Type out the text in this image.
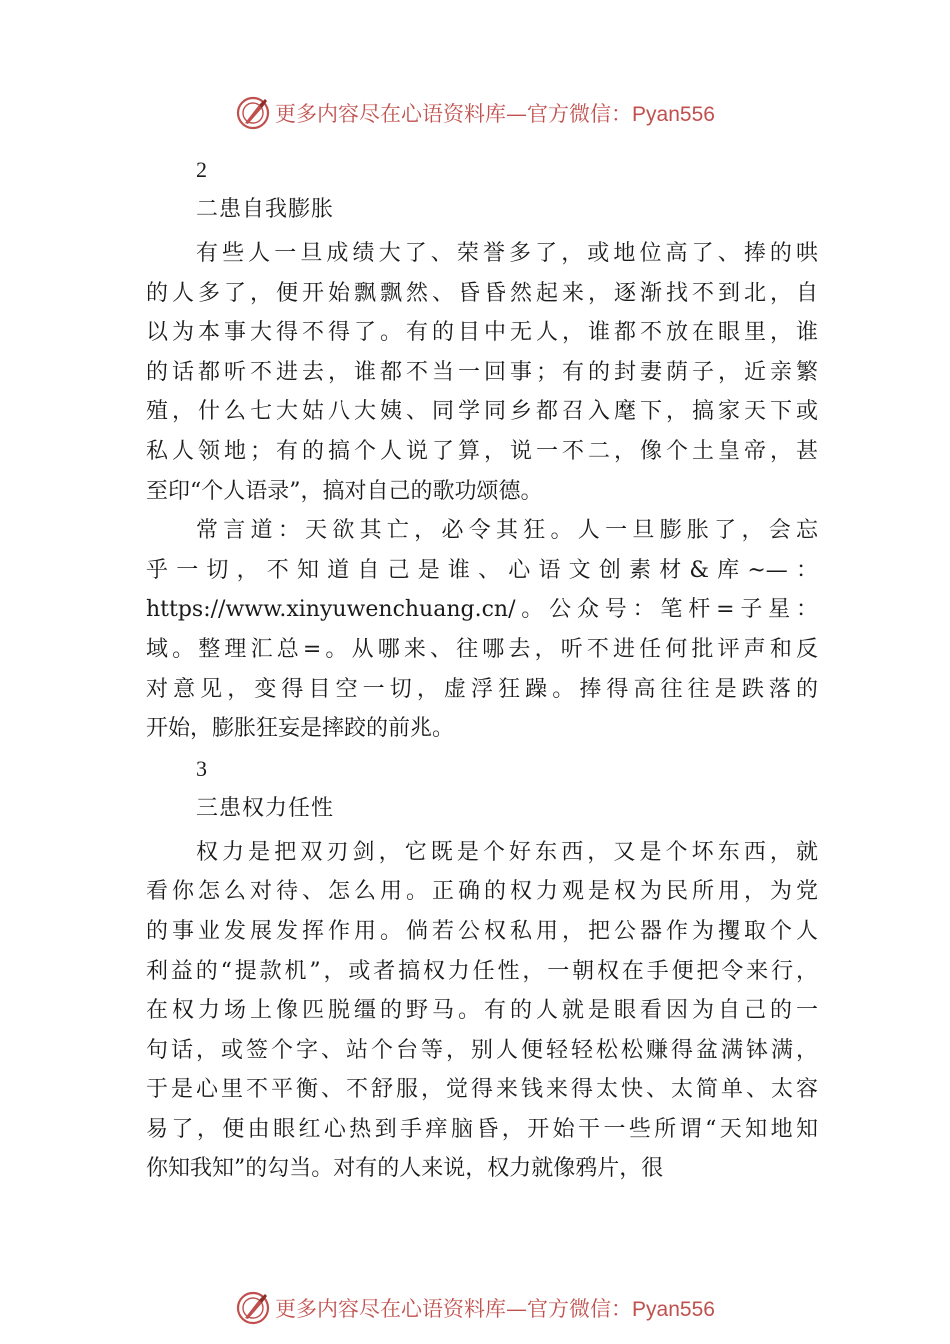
更多内容尽在心语资料库—官方微信：Pyan556
2
二患自我膨胀
有些人一旦成绩大了、荣誉多了，或地位高了、捧的哄
的人多了，便开始飘飘然、昏昏然起来，逐渐找不到北，自
以为本事大得不得了。有的目中无人，谁都不放在眼里，谁
的话都听不进去，谁都不当一回事；有的封妻荫子，近亲繁
殖，什么七大姑八大姨、同学同乡都召入麾下，搞家天下或
私人领地；有的搞个人说了算，说一不二，像个土皇帝，甚
至印“个人语录”，搞对自己的歌功颂德。
常言道：天欲其亡，必令其狂。人一旦膨胀了，会忘
乎一切，不知道自己是谁、心语文创素材&库~—：
https://www.xinyuwenchuang.cn/。公众号：笔杆=子星：
域。整理汇总=。从哪来、往哪去，听不进任何批评声和反
对意见，变得目空一切，虚浮狂躁。捧得高往往是跌落的
开始，膨胀狂妄是摔跤的前兆。
3
三患权力任性
权力是把双刃剑，它既是个好东西，又是个坏东西，就
看你怎么对待、怎么用。正确的权力观是权为民所用，为党
的事业发展发挥作用。倘若公权私用，把公器作为攫取个人
利益的“提款机”，或者搞权力任性，一朝权在手便把令来行，
在权力场上像匹脱缰的野马。有的人就是眼看因为自己的一
句话，或签个字、站个台等，别人便轻轻松松赚得盆满钵满，
于是心里不平衡、不舒服，觉得来钱来得太快、太简单、太容
易了，便由眼红心热到手痒脑昏，开始干一些所谓“天知地知
你知我知”的勾当。对有的人来说，权力就像鸦片，很
更多内容尽在心语资料库—官方微信：Pyan556
